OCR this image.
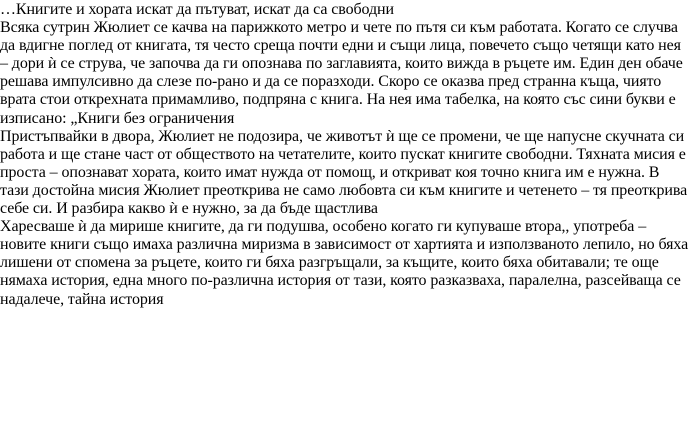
…Книгите и хората искат да пътуват, искат да са свободни

Всяка сутрин Жюлиет се качва на парижкото метро и чете по пътя си към работата. Когато се случва да вдигне поглед от книгата, тя често среща почти едни и същи лица, повечето също четящи като нея – дори ѝ се струва, че започва да ги опознава по заглавията, които вижда в ръцете им. Един ден обаче решава импулсивно да слезе по-рано и да се поразходи. Скоро се оказва пред странна къща, чиято врата стои открехната примамливо, подпряна с книга. На нея има табелка, на която със сини букви е изписано: „Книги без ограничения

Пристъпвайки в двора, Жюлиет не подозира, че животът ѝ ще се промени, че ще напусне скучната си работа и ще стане част от обществото на четателите, които пускат книгите свободни. Тяхната мисия е проста – опознават хората, които имат нужда от помощ, и откриват коя точно книга им е нужна. В тази достойна мисия Жюлиет преоткрива не само любовта си към книгите и четенето – тя преоткрива себе си. И разбира какво ѝ е нужно, за да бъде щастлива

Харесваше ѝ да мирише книгите, да ги подушва, особено когато ги купуваше втора,, употреба –новите книги също имаха различна миризма в зависимост от хартията и използваното лепило, но бяха лишени от спомена за ръцете, които ги бяха разгръщали, за къщите, които бяха обитавали; те още нямаха история, една много по-различна история от тази, която разказваха, паралелна, разсейваща се надалече, тайна история
